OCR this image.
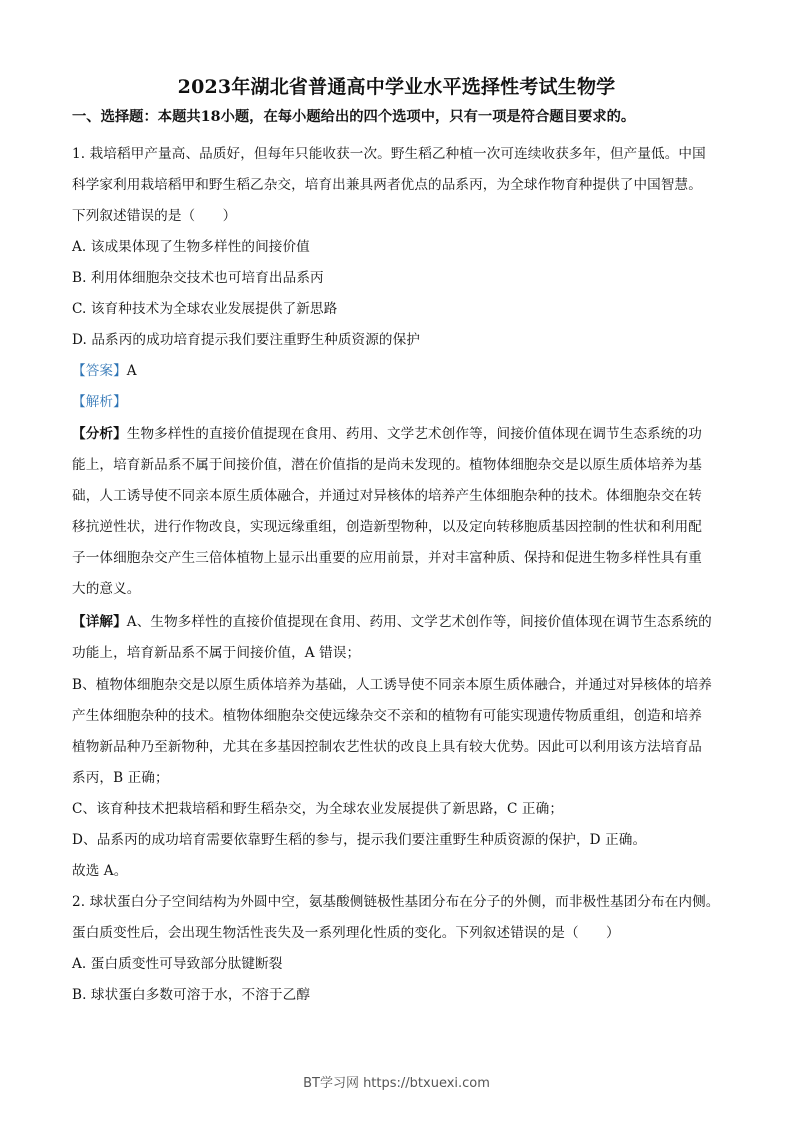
2023年湖北省普通高中学业水平选择性考试生物学
一、选择题：本题共18小题，在每小题给出的四个选项中，只有一项是符合题目要求的。
1. 栽培稻甲产量高、品质好，但每年只能收获一次。野生稻乙种植一次可连续收获多年，但产量低。中国
科学家利用栽培稻甲和野生稻乙杂交，培育出兼具两者优点的品系丙，为全球作物育种提供了中国智慧。
下列叙述错误的是（　　）
A. 该成果体现了生物多样性的间接价值
B. 利用体细胞杂交技术也可培育出品系丙
C. 该育种技术为全球农业发展提供了新思路
D. 品系丙的成功培育提示我们要注重野生种质资源的保护
【答案】A
【解析】
【分析】生物多样性的直接价值提现在食用、药用、文学艺术创作等，间接价值体现在调节生态系统的功
能上，培育新品系不属于间接价值，潜在价值指的是尚未发现的。植物体细胞杂交是以原生质体培养为基
础，人工诱导使不同亲本原生质体融合，并通过对异核体的培养产生体细胞杂种的技术。体细胞杂交在转
移抗逆性状，进行作物改良，实现远缘重组，创造新型物种，以及定向转移胞质基因控制的性状和利用配
子一体细胞杂交产生三倍体植物上显示出重要的应用前景，并对丰富种质、保持和促进生物多样性具有重
大的意义。
【详解】A、生物多样性的直接价值提现在食用、药用、文学艺术创作等，间接价值体现在调节生态系统的
功能上，培育新品系不属于间接价值，A 错误；
B、植物体细胞杂交是以原生质体培养为基础，人工诱导使不同亲本原生质体融合，并通过对异核体的培养
产生体细胞杂种的技术。植物体细胞杂交使远缘杂交不亲和的植物有可能实现遗传物质重组，创造和培养
植物新品种乃至新物种，尤其在多基因控制农艺性状的改良上具有较大优势。因此可以利用该方法培育品
系丙，B 正确；
C、该育种技术把栽培稻和野生稻杂交，为全球农业发展提供了新思路，C 正确；
D、品系丙的成功培育需要依靠野生稻的参与，提示我们要注重野生种质资源的保护，D 正确。
故选 A。
2. 球状蛋白分子空间结构为外圆中空，氨基酸侧链极性基团分布在分子的外侧，而非极性基团分布在内侧。
蛋白质变性后，会出现生物活性丧失及一系列理化性质的变化。下列叙述错误的是（　　）
A. 蛋白质变性可导致部分肽键断裂
B. 球状蛋白多数可溶于水，不溶于乙醇
BT学习网 https://btxuexi.com
